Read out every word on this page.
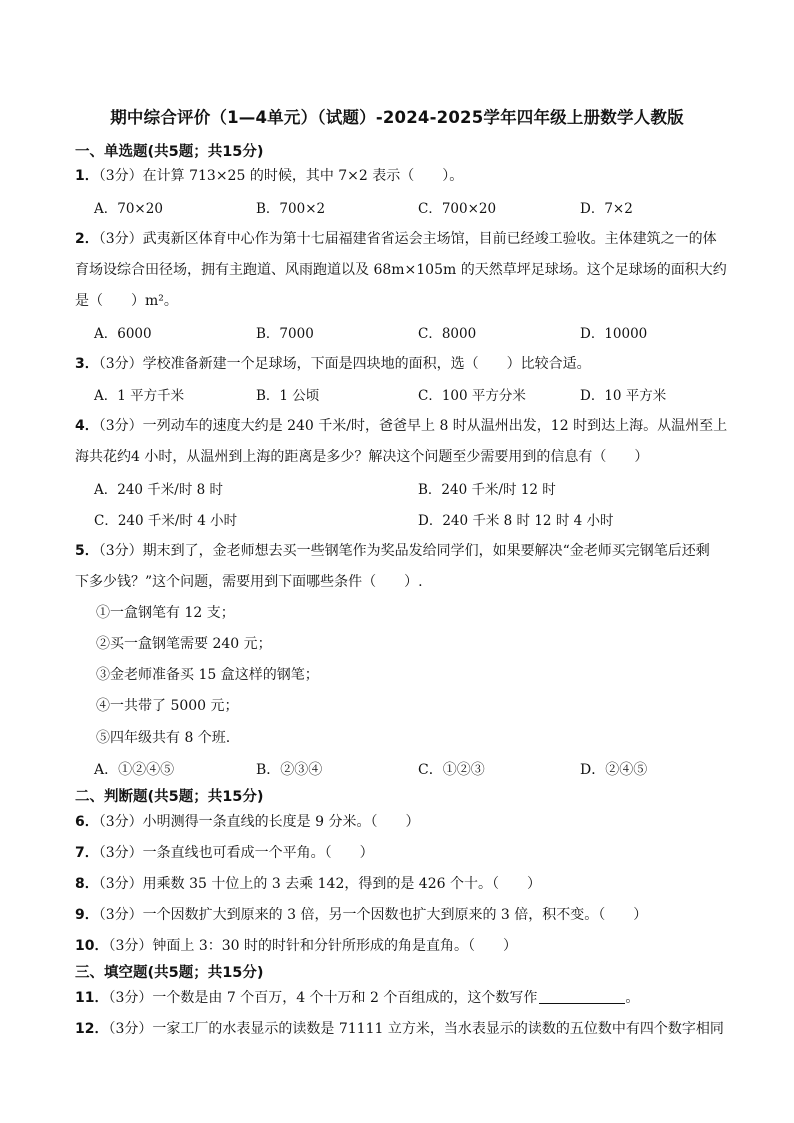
期中综合评价（1—4单元）（试题）-2024-2025学年四年级上册数学人教版
一、单选题(共5题；共15分)
1．（3分）在计算 713×25 的时候，其中 7×2 表示（　　）。
A．70×20	B．700×2	C．700×20	D．7×2
2．（3分）武夷新区体育中心作为第十七届福建省省运会主场馆，目前已经竣工验收。主体建筑之一的体
育场设综合田径场，拥有主跑道、风雨跑道以及 68m×105m 的天然草坪足球场。这个足球场的面积大约
是（　　）m²。
A．6000	B．7000	C．8000	D．10000
3．（3分）学校准备新建一个足球场，下面是四块地的面积，选（　　）比较合适。
A．1 平方千米	B．1 公顷	C．100 平方分米	D．10 平方米
4．（3分）一列动车的速度大约是 240 千米/时，爸爸早上 8 时从温州出发，12 时到达上海。从温州至上
海共花约4 小时，从温州到上海的距离是多少？解决这个问题至少需要用到的信息有（　　）
A．240 千米/时 8 时	B．240 千米/时 12 时
C．240 千米/时 4 小时	D．240 千米 8 时 12 时 4 小时
5．（3分）期末到了，金老师想去买一些钢笔作为奖品发给同学们，如果要解决“金老师买完钢笔后还剩
下多少钱？”这个问题，需要用到下面哪些条件（　　）.
①一盒钢笔有 12 支；
②买一盒钢笔需要 240 元；
③金老师准备买 15 盒这样的钢笔；
④一共带了 5000 元；
⑤四年级共有 8 个班.
A．①②④⑤	B．②③④	C．①②③	D．②④⑤
二、判断题(共5题；共15分)
6．（3分）小明测得一条直线的长度是 9 分米。（　　）
7．（3分）一条直线也可看成一个平角。（　　）
8．（3分）用乘数 35 十位上的 3 去乘 142，得到的是 426 个十。（　　）
9．（3分）一个因数扩大到原来的 3 倍，另一个因数也扩大到原来的 3 倍，积不变。（　　）
10．（3分）钟面上 3：30 时的时针和分针所形成的角是直角。（　　）
三、填空题(共5题；共15分)
11．（3分）一个数是由 7 个百万，4 个十万和 2 个百组成的，这个数写作	。
12．（3分）一家工厂的水表显示的读数是 71111 立方米，当水表显示的读数的五位数中有四个数字相同
